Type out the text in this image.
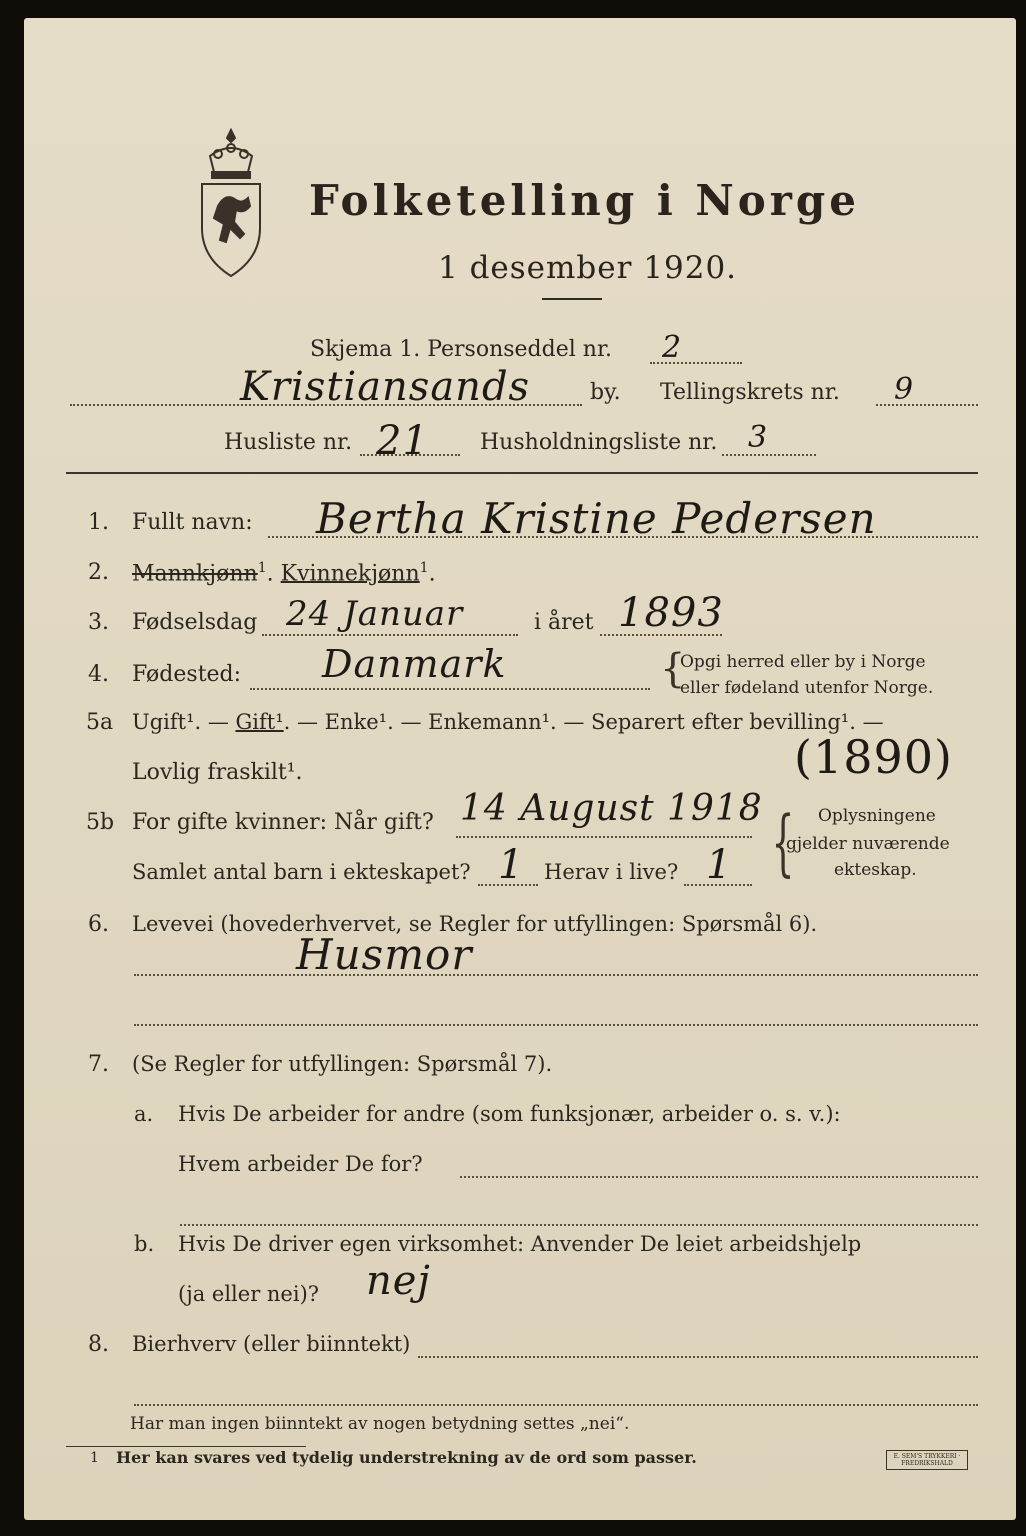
Folketelling i Norge
1 desember 1920.
Skjema 1. Personseddel nr. 2
Kristiansands	by. Tellingskrets nr. 9
Husliste nr. 21 Husholdningsliste nr. 3
1. Fullt navn: Bertha Kristine Pedersen
2. Mannkjønn$^1$. Kvinnekjønn$^1$.
3. Fødselsdag 24 Januar	i året 1893
4. Fødested: Danmark	{
Opgi herred eller by i Norge
eller fødeland utenfor Norge.
5a Ugift¹. — Gift¹. — Enke¹. — Enkemann¹. — Separert efter bevilling¹. —
Lovlig fraskilt¹.	(1890)
5b For gifte kvinner: Når gift? 14 August 1918
Samlet antal barn i ekteskapet? 1 Herav i live? 1 { Oplysningene
gjelder nuværende
ekteskap.
6. Levevei (hovederhvervet, se Regler for utfyllingen: Spørsmål 6).
Husmor
7. (Se Regler for utfyllingen: Spørsmål 7).
a. Hvis De arbeider for andre (som funksjonær, arbeider o. s. v.):
Hvem arbeider De for?
b. Hvis De driver egen virksomhet: Anvender De leiet arbeidshjelp
(ja eller nei)? nej
8. Bierhverv (eller biinntekt)
Har man ingen biinntekt av nogen betydning settes „nei“.
1 Her kan svares ved tydelig understrekning av de ord som passer.	E. SEM'S TRYKKERI · FREDRIKSHALD
